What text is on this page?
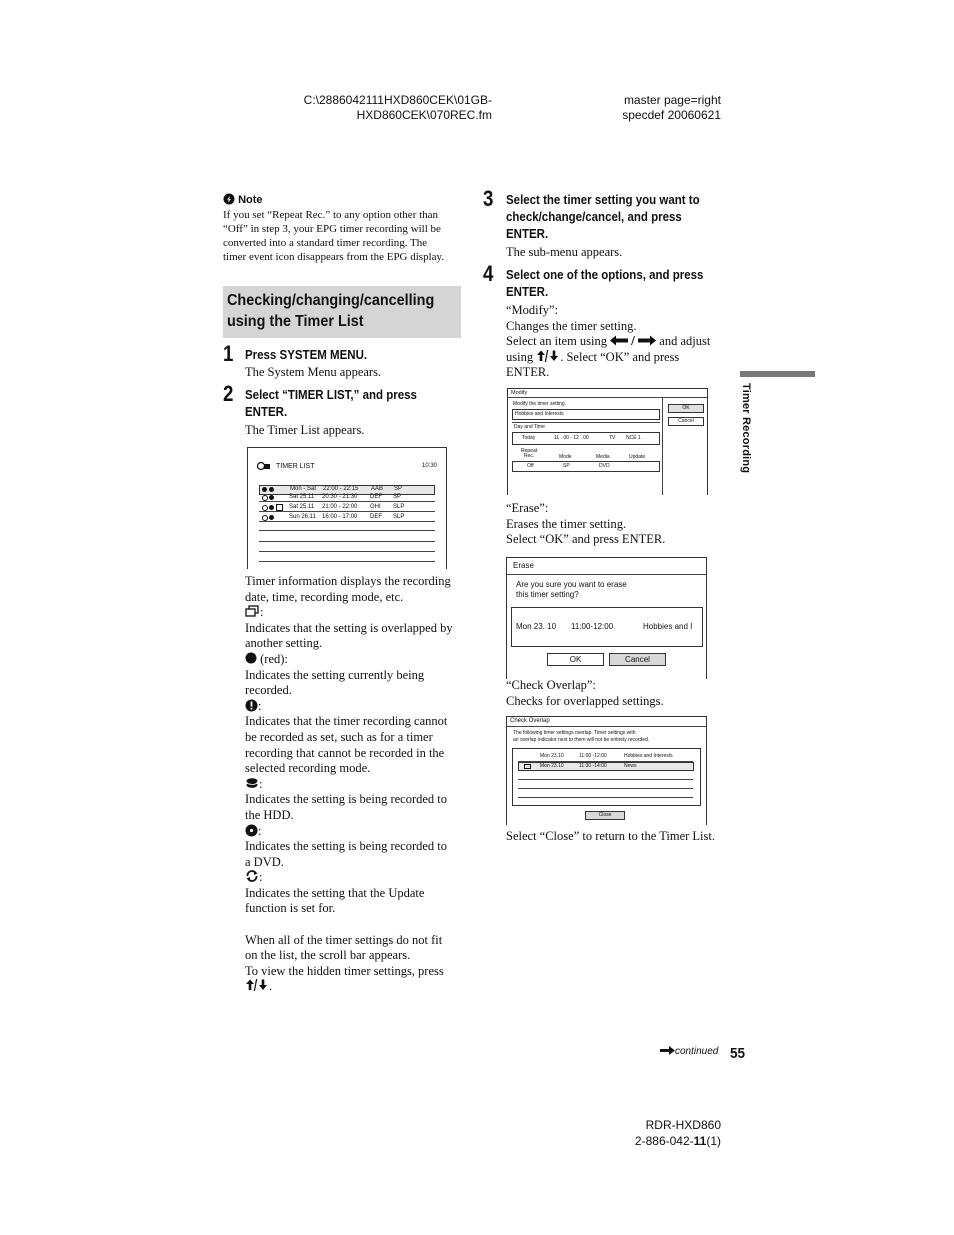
C:\2886042111HXD860CEK\01GB-
HXD860CEK\070REC.fm
master page=right
specdef 20060621
Note
If you set “Repeat Rec.” to any option other than
“Off” in step 3, your EPG timer recording will be
converted into a standard timer recording. The
timer event icon disappears from the EPG display.
Checking/changing/cancelling
using the Timer List
1 Press SYSTEM MENU.
The System Menu appears.
2 Select “TIMER LIST,” and press
ENTER.
The Timer List appears.
TIMER LIST	10:30
Mon - Sat 22:00 - 22:15 AAB SP
Sat 25.11 20:30 - 21:30 DEF SP
Sat 25.11 21:00 - 22:00 GHI SLP
Sun 26.11 16:00 - 17:00 DEF SLP
Timer information displays the recording
date, time, recording mode, etc.
:
Indicates that the setting is overlapped by
another setting.
(red):
Indicates the setting currently being
recorded.
:
Indicates that the timer recording cannot
be recorded as set, such as for a timer
recording that cannot be recorded in the
selected recording mode.
:
Indicates the setting is being recorded to
the HDD.
:
Indicates the setting is being recorded to
a DVD.
:
Indicates the setting that the Update
function is set for.

When all of the timer settings do not fit
on the list, the scroll bar appears.
To view the hidden timer settings, press
.
3 Select the timer setting you want to
check/change/cancel, and press
ENTER.
The sub-menu appears.
4 Select one of the options, and press
ENTER.
“Modify”:
Changes the timer setting.
Select an item using	and adjust
using . Select “OK” and press
ENTER.
Modify
Modify the timer setting.
Hobbies and Interests
Day and Time
Today	11 . 00 - 12 . 00	TV NCE 1
Repeat
Rec.	Mode	Media	Update
Off	SP	DVD
OK
Cancel
“Erase”:
Erases the timer setting.
Select “OK” and press ENTER.
Erase
Are you sure you want to erase
this timer setting?
Mon 23. 10 11:00-12:00	Hobbies and I
OK	Cancel
“Check Overlap”:
Checks for overlapped settings.
Check Overlap
The following timer settings overlap. Timer settings with
an overlap indicator next to them will not be entirely recorded.
Mon 23.10	11:00 -12:00	Hobbies and Interests
Mon 23.10	11:30 -14:00	News
Close
Select “Close” to return to the Timer List.
Timer Recording
continued 55
RDR-HXD860
2-886-042-11(1)
